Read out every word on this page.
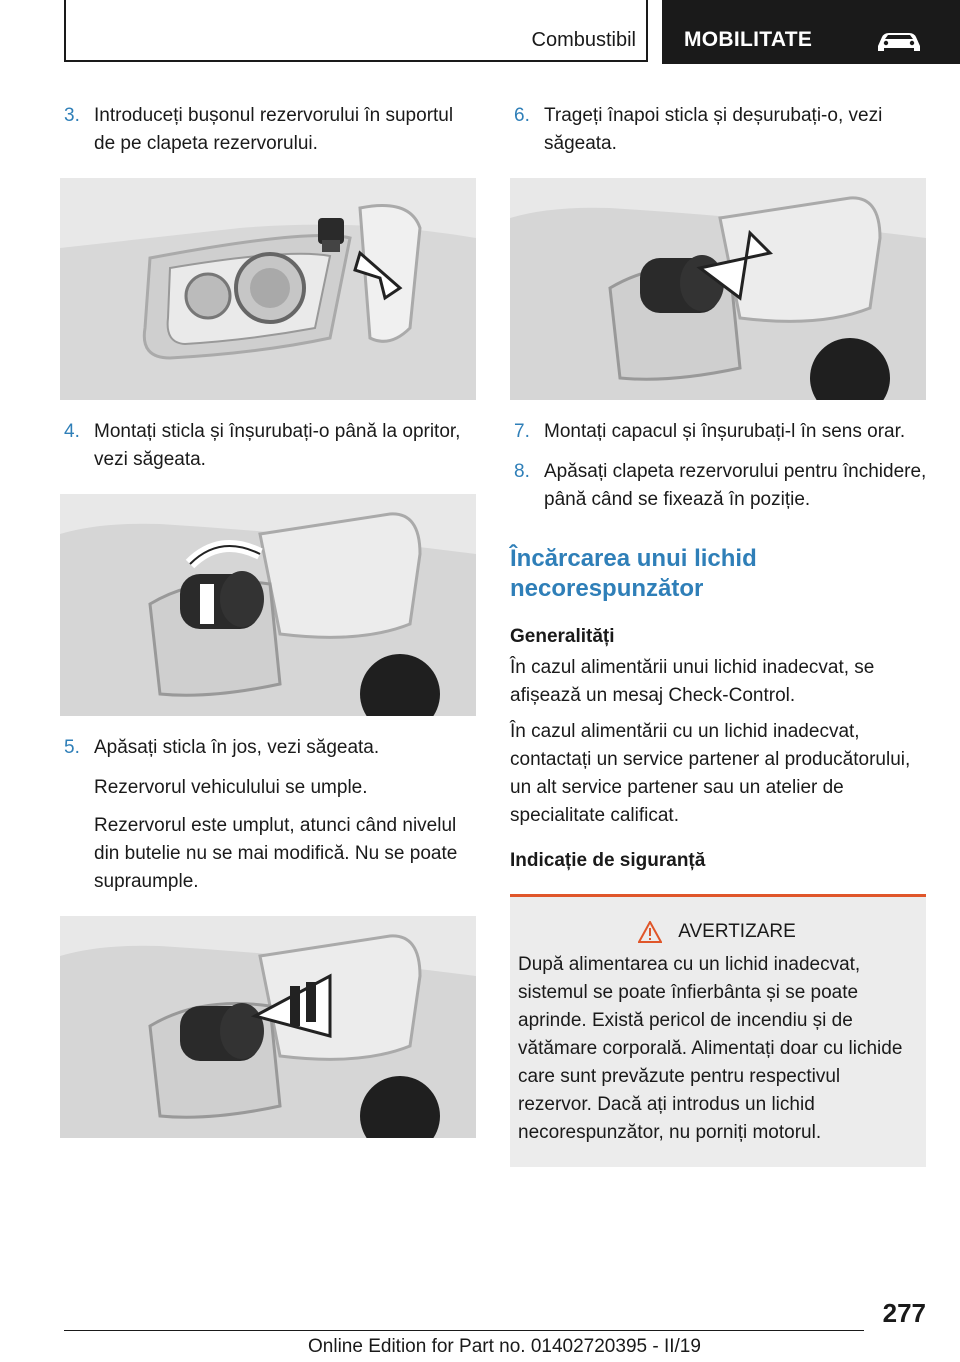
Combustibil MOBILITATE
3. Introduceți bușonul rezervorului în suportul de pe clapeta rezervorului.
4. Montați sticla și înșurubați-o până la opritor, vezi săgeata.
5. Apăsați sticla în jos, vezi săgeata.
Rezervorul vehiculului se umple.
Rezervorul este umplut, atunci când nivelul din butelie nu se mai modifică. Nu se poate supraumple.
6. Trageți înapoi sticla și deșurubați-o, vezi săgeata.
7. Montați capacul și înșurubați-l în sens orar.
8. Apăsați clapeta rezervorului pentru închidere, până când se fixează în poziție.
Încărcarea unui lichid necorespunzător
Generalități

În cazul alimentării unui lichid inadecvat, se afișează un mesaj Check-Control.

În cazul alimentării cu un lichid inadecvat, contactați un service partener al producătorului, un alt service partener sau un atelier de specialitate calificat.

Indicație de siguranță
AVERTIZARE
După alimentarea cu un lichid inadecvat, sistemul se poate înfierbânta și se poate aprinde. Există pericol de incendiu și de vătămare corporală. Alimentați doar cu lichide care sunt prevăzute pentru respectivul rezervor. Dacă ați introdus un lichid necorespunzător, nu porniți motorul.
277
Online Edition for Part no. 01402720395 - II/19
